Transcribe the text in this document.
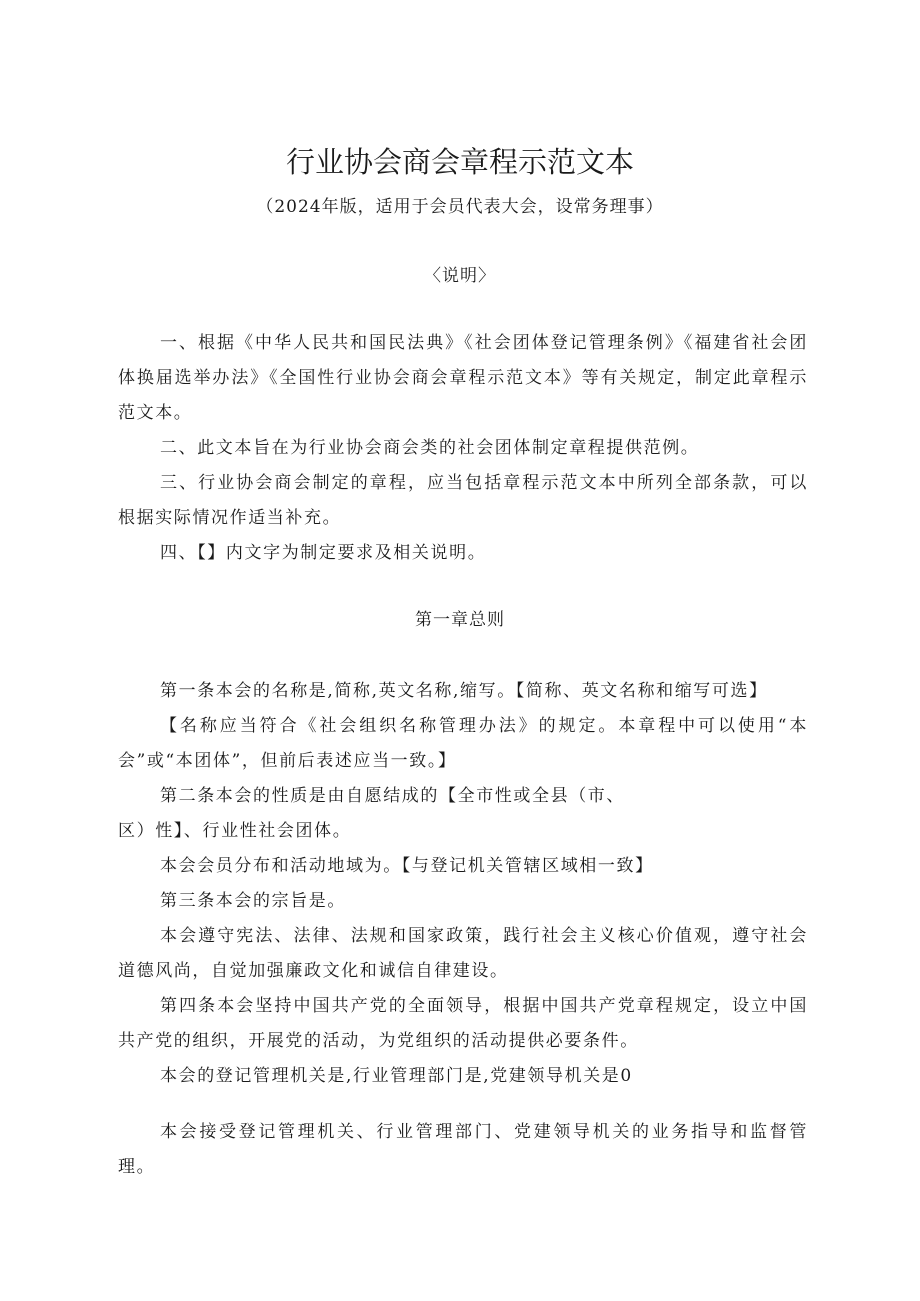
行业协会商会章程示范文本
（2024年版，适用于会员代表大会，设常务理事）
〈说明〉

一、根据《中华人民共和国民法典》《社会团体登记管理条例》《福建省社会团体换届选举办法》《全国性行业协会商会章程示范文本》等有关规定，制定此章程示范文本。

二、此文本旨在为行业协会商会类的社会团体制定章程提供范例。

三、行业协会商会制定的章程，应当包括章程示范文本中所列全部条款，可以根据实际情况作适当补充。

四、【】内文字为制定要求及相关说明。

第一章总则

第一条本会的名称是,简称,英文名称,缩写。【简称、英文名称和缩写可选】

【名称应当符合《社会组织名称管理办法》的规定。本章程中可以使用“本会”或“本团体”，但前后表述应当一致。】

第二条本会的性质是由自愿结成的【全市性或全县（市、

区）性】、行业性社会团体。

本会会员分布和活动地域为。【与登记机关管辖区域相一致】

第三条本会的宗旨是。

本会遵守宪法、法律、法规和国家政策，践行社会主义核心价值观，遵守社会道德风尚，自觉加强廉政文化和诚信自律建设。

第四条本会坚持中国共产党的全面领导，根据中国共产党章程规定，设立中国共产党的组织，开展党的活动，为党组织的活动提供必要条件。

本会的登记管理机关是,行业管理部门是,党建领导机关是0

本会接受登记管理机关、行业管理部门、党建领导机关的业务指导和监督管理。
